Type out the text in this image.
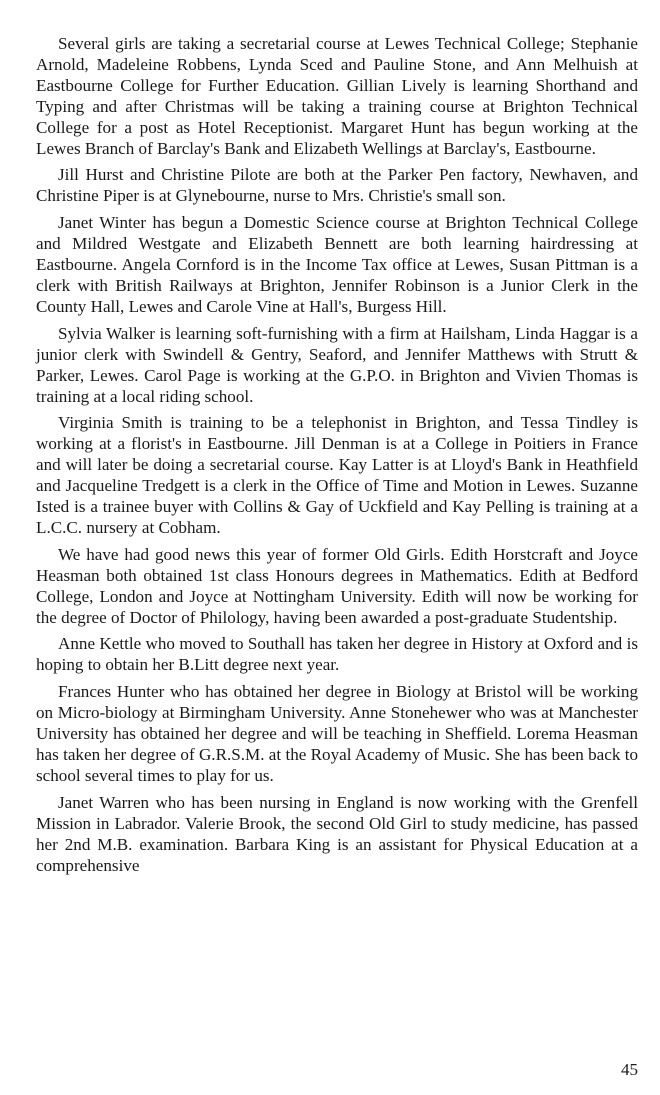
Several girls are taking a secretarial course at Lewes Technical College; Stephanie Arnold, Madeleine Robbens, Lynda Sced and Pauline Stone, and Ann Melhuish at Eastbourne College for Further Education. Gillian Lively is learning Shorthand and Typing and after Christmas will be taking a training course at Brighton Technical College for a post as Hotel Receptionist. Margaret Hunt has begun working at the Lewes Branch of Barclay's Bank and Elizabeth Wellings at Barclay's, Eastbourne.

Jill Hurst and Christine Pilote are both at the Parker Pen factory, Newhaven, and Christine Piper is at Glynebourne, nurse to Mrs. Christie's small son.

Janet Winter has begun a Domestic Science course at Brighton Technical College and Mildred Westgate and Elizabeth Bennett are both learning hairdressing at Eastbourne. Angela Cornford is in the Income Tax office at Lewes, Susan Pittman is a clerk with British Railways at Brighton, Jennifer Robinson is a Junior Clerk in the County Hall, Lewes and Carole Vine at Hall's, Burgess Hill.

Sylvia Walker is learning soft-furnishing with a firm at Hailsham, Linda Haggar is a junior clerk with Swindell & Gentry, Seaford, and Jennifer Matthews with Strutt & Parker, Lewes. Carol Page is working at the G.P.O. in Brighton and Vivien Thomas is training at a local riding school.

Virginia Smith is training to be a telephonist in Brighton, and Tessa Tindley is working at a florist's in Eastbourne. Jill Denman is at a College in Poitiers in France and will later be doing a secretarial course. Kay Latter is at Lloyd's Bank in Heathfield and Jacqueline Tredgett is a clerk in the Office of Time and Motion in Lewes. Suzanne Isted is a trainee buyer with Collins & Gay of Uckfield and Kay Pelling is training at a L.C.C. nursery at Cobham.

We have had good news this year of former Old Girls. Edith Horstcraft and Joyce Heasman both obtained 1st class Honours degrees in Mathematics. Edith at Bedford College, London and Joyce at Nottingham University. Edith will now be working for the degree of Doctor of Philology, having been awarded a post-graduate Studentship.

Anne Kettle who moved to Southall has taken her degree in History at Oxford and is hoping to obtain her B.Litt degree next year.

Frances Hunter who has obtained her degree in Biology at Bristol will be working on Micro-biology at Birmingham University. Anne Stonehewer who was at Manchester University has obtained her degree and will be teaching in Sheffield. Lorema Heasman has taken her degree of G.R.S.M. at the Royal Academy of Music. She has been back to school several times to play for us.

Janet Warren who has been nursing in England is now working with the Grenfell Mission in Labrador. Valerie Brook, the second Old Girl to study medicine, has passed her 2nd M.B. examination. Barbara King is an assistant for Physical Education at a comprehensive

45
